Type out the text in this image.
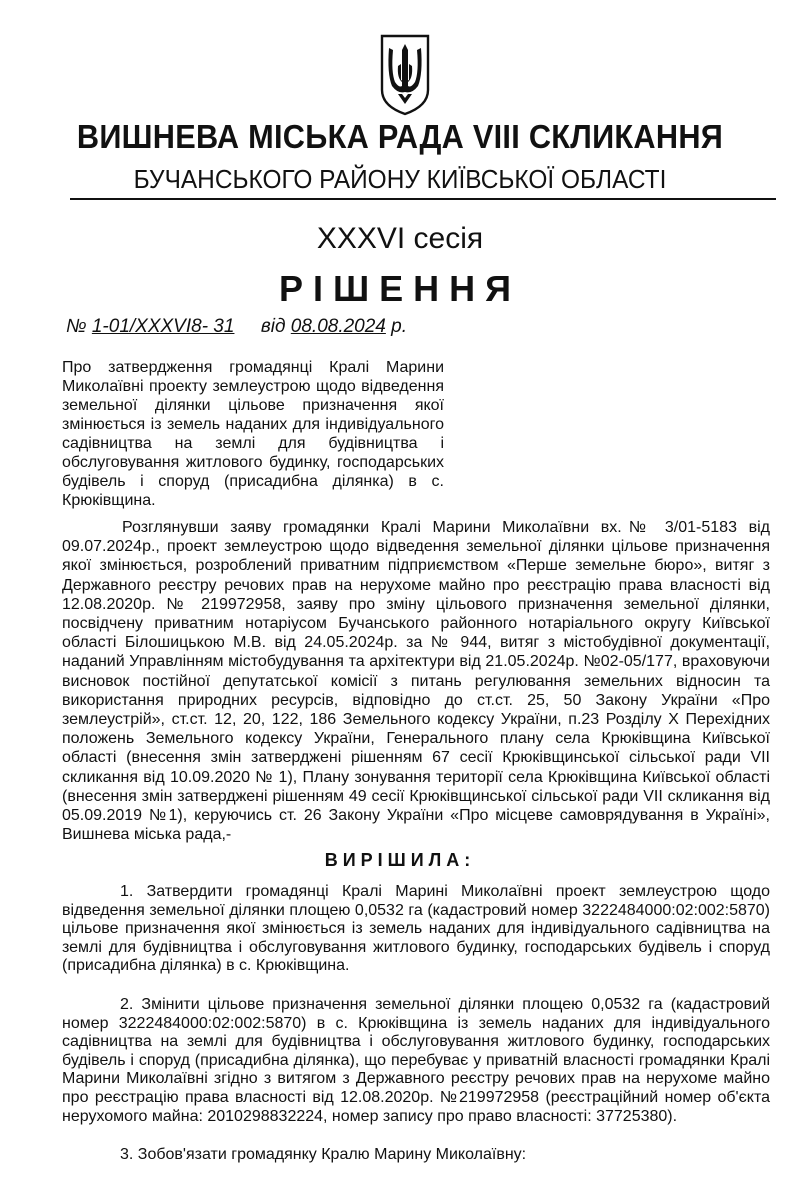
ВИШНЕВА МІСЬКА РАДА VIII СКЛИКАННЯ
БУЧАНСЬКОГО РАЙОНУ КИЇВСЬКОЇ ОБЛАСТІ
XXXVI сесія
РІШЕННЯ
№ 1-01/XXXVI8- 31 від 08.08.2024 р.

Про затвердження громадянці Кралі Марини Миколаївні проекту землеустрою щодо відведення земельної ділянки цільове призначення якої змінюється із земель наданих для індивідуального садівництва на землі для будівництва і обслуговування житлового будинку, господарських будівель і споруд (присадибна ділянка) в с. Крюківщина.

Розглянувши заяву громадянки Кралі Марини Миколаївни вх.№ 3/01-5183 від 09.07.2024р., проект землеустрою щодо відведення земельної ділянки цільове призначення якої змінюється, розроблений приватним підприємством «Перше земельне бюро», витяг з Державного реєстру речових прав на нерухоме майно про реєстрацію права власності від 12.08.2020р. № 219972958, заяву про зміну цільового призначення земельної ділянки, посвідчену приватним нотаріусом Бучанського районного нотаріального округу Київської області Білошицькою М.В. від 24.05.2024р. за № 944, витяг з містобудівної документації, наданий Управлінням містобудування та архітектури від 21.05.2024р. №02-05/177, враховуючи висновок постійної депутатської комісії з питань регулювання земельних відносин та використання природних ресурсів, відповідно до ст.ст. 25, 50 Закону України «Про землеустрій», ст.ст. 12, 20, 122, 186 Земельного кодексу України, п.23 Розділу X Перехідних положень Земельного кодексу України, Генерального плану села Крюківщина Київської області (внесення змін затверджені рішенням 67 сесії Крюківщинської сільської ради VII скликання від 10.09.2020 № 1), Плану зонування території села Крюківщина Київської області (внесення змін затверджені рішенням 49 сесії Крюківщинської сільської ради VII скликання від 05.09.2019 №1), керуючись ст. 26 Закону України «Про місцеве самоврядування в Україні», Вишнева міська рада,-

ВИРІШИЛА:

1. Затвердити громадянці Кралі Марині Миколаївні проект землеустрою щодо відведення земельної ділянки площею 0,0532 га (кадастровий номер 3222484000:02:002:5870) цільове призначення якої змінюється із земель наданих для індивідуального садівництва на землі для будівництва і обслуговування житлового будинку, господарських будівель і споруд (присадибна ділянка) в с. Крюківщина.

2. Змінити цільове призначення земельної ділянки площею 0,0532 га (кадастровий номер 3222484000:02:002:5870) в с. Крюківщина із земель наданих для індивідуального садівництва на землі для будівництва і обслуговування житлового будинку, господарських будівель і споруд (присадибна ділянка), що перебуває у приватній власності громадянки Кралі Марини Миколаївні згідно з витягом з Державного реєстру речових прав на нерухоме майно про реєстрацію права власності від 12.08.2020р. №219972958 (реєстраційний номер об'єкта нерухомого майна: 2010298832224, номер запису про право власності: 37725380).

3. Зобов'язати громадянку Кралю Марину Миколаївну:
